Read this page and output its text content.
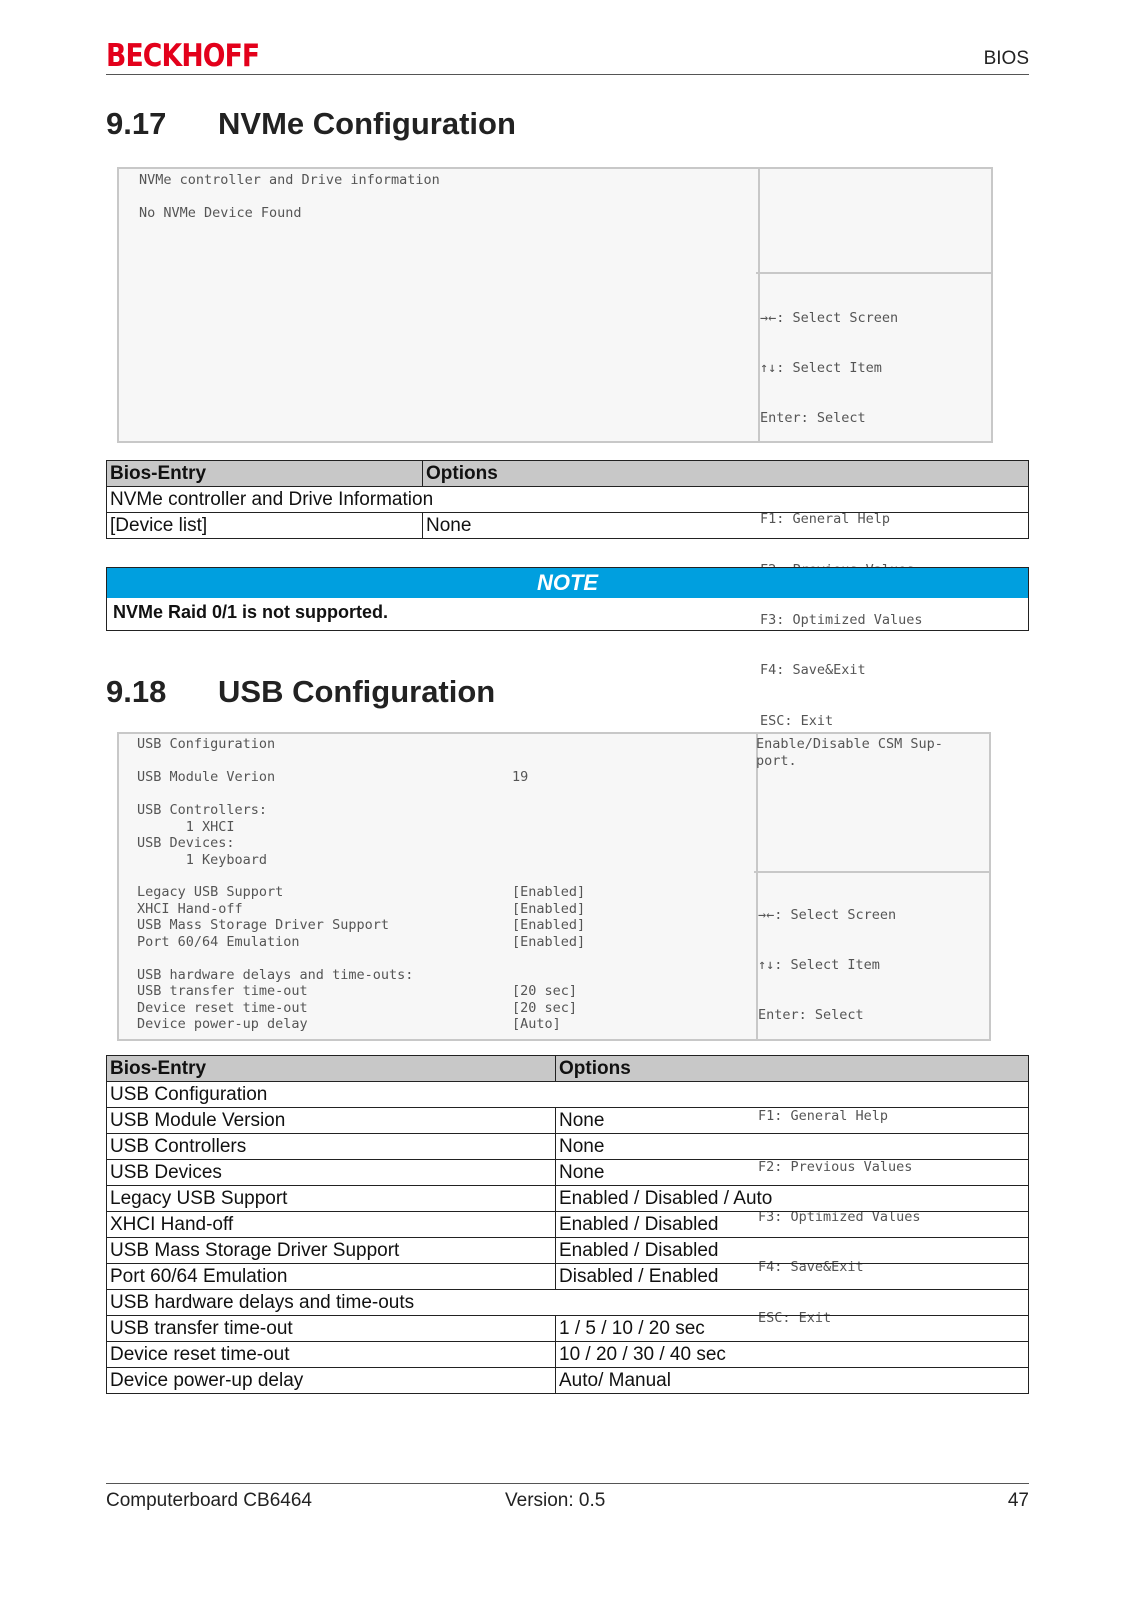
BECKHOFF	BIOS
9.17 NVMe Configuration
NVMe controller and Drive information
No NVMe Device Found

→←: Select Screen

↑↓: Select Item

Enter: Select

F1: General Help

F3: Optimized Values

F4: Save&Exit

ESC: Exit

Bios-Entry	Options
NVMe controller and Drive Information	
[Device list]	None
NOTE
NVMe Raid 0/1 is not supported.
9.18 USB Configuration
USB Configuration
USB Module Verion	19
USB Controllers:
1 XHCI
USB Devices:
1 Keyboard
Legacy USB Support	[Enabled]
XHCI Hand-off	[Enabled]
USB Mass Storage Driver Support	[Enabled]
Port 60/64 Emulation	[Enabled]
USB hardware delays and time-outs:
USB transfer time-out	[20 sec]
Device reset time-out	[20 sec]
Device power-up delay	[Auto]
Enable/Disable CSM Sup-
port.

→←: Select Screen

↑↓: Select Item

Enter: Select

F1: General Help

F2: Previous Values

F3: Optimized Values

F4: Save&Exit

ESC: Exit

Bios-Entry	Options
USB Configuration	
USB Module Version	None
USB Controllers	None
USB Devices	None
Legacy USB Support	Enabled / Disabled / Auto
XHCI Hand-off	Enabled / Disabled
USB Mass Storage Driver Support	Enabled / Disabled
Port 60/64 Emulation	Disabled / Enabled
USB hardware delays and time-outs	
USB transfer time-out	1 / 5 / 10 / 20 sec
Device reset time-out	10 / 20 / 30 / 40 sec
Device power-up delay	Auto/ Manual
Computerboard CB6464	Version: 0.5	47
